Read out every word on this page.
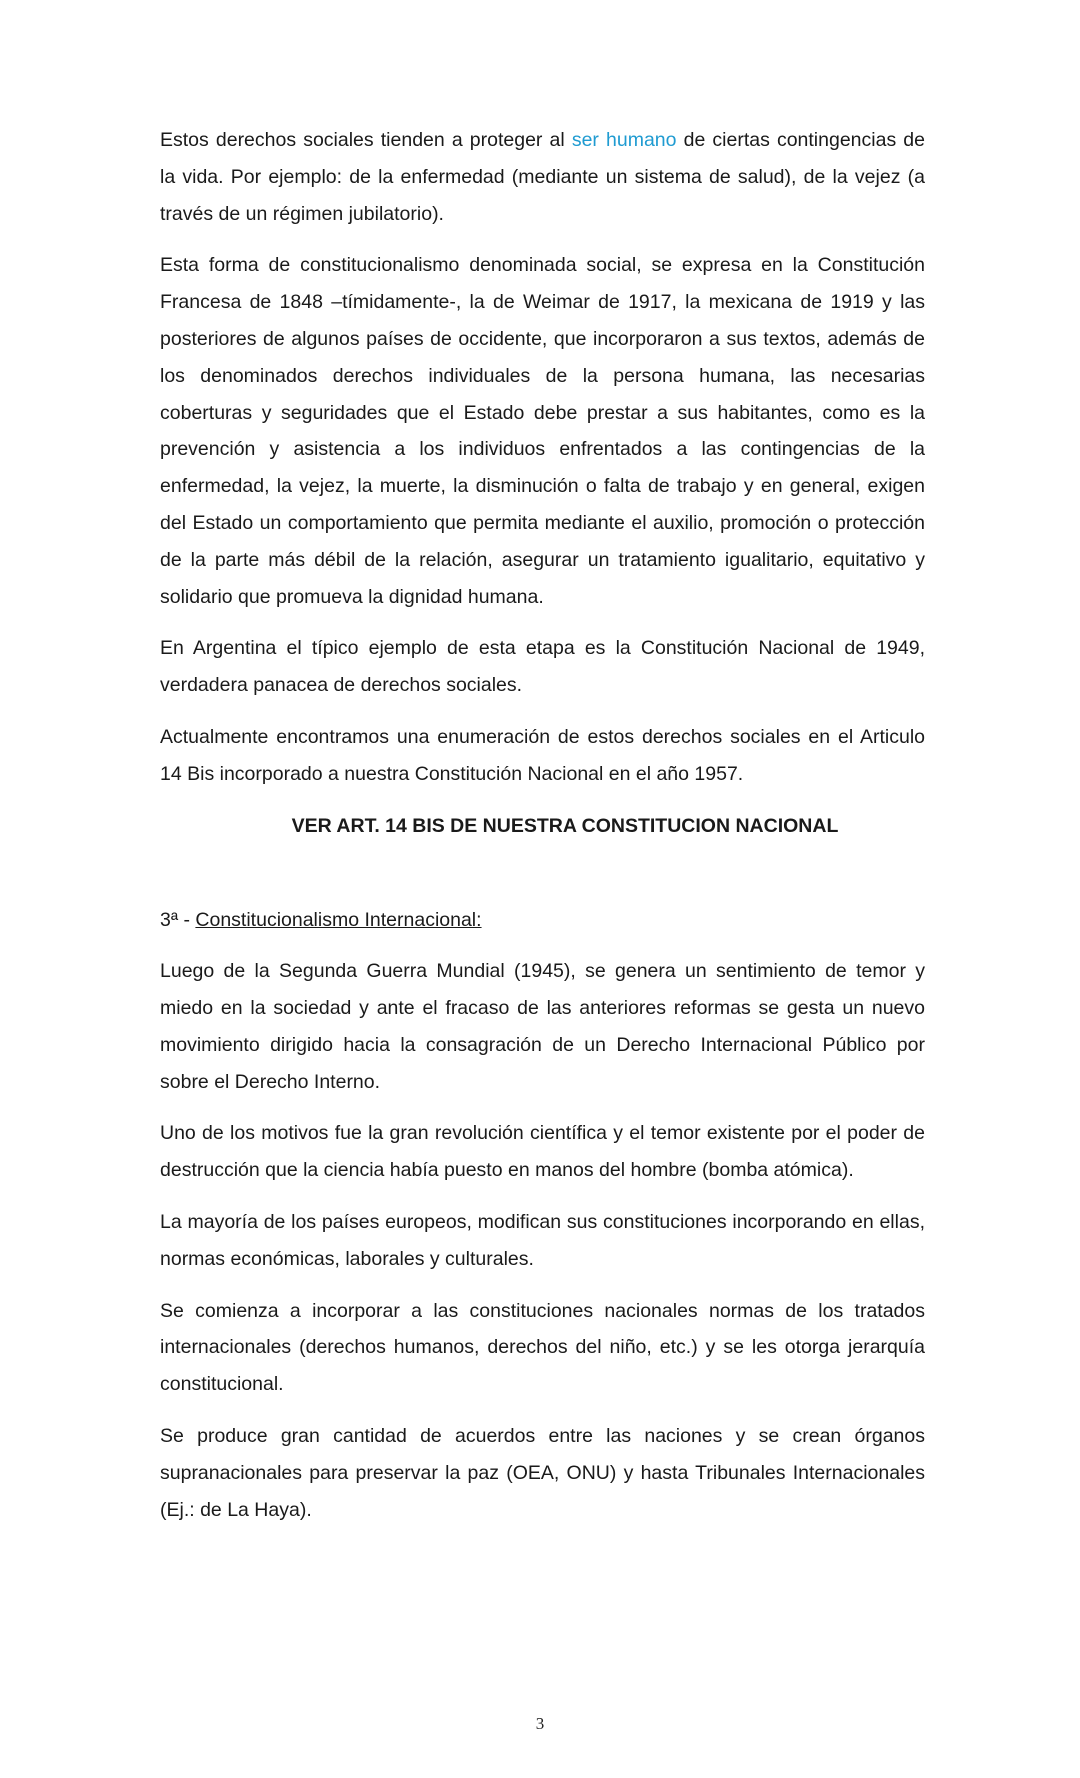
Estos derechos sociales tienden a proteger al ser humano de ciertas contingencias de la vida. Por ejemplo: de la enfermedad (mediante un sistema de salud), de la vejez (a través de un régimen jubilatorio).

Esta forma de constitucionalismo denominada social, se expresa en la Constitución Francesa de 1848 –tímidamente-, la de Weimar de 1917, la mexicana de 1919 y las posteriores de algunos países de occidente, que incorporaron a sus textos, además de los denominados derechos individuales de la persona humana, las necesarias coberturas y seguridades que el Estado debe prestar a sus habitantes, como es la prevención y asistencia a los individuos enfrentados a las contingencias de la enfermedad, la vejez, la muerte, la disminución o falta de trabajo y en general, exigen del Estado un comportamiento que permita mediante el auxilio, promoción o protección de la parte más débil de la relación, asegurar un tratamiento igualitario, equitativo y solidario que promueva la dignidad humana.

En Argentina el típico ejemplo de esta etapa es la Constitución Nacional de 1949, verdadera panacea de derechos sociales.

Actualmente encontramos una enumeración de estos derechos sociales en el Articulo 14 Bis incorporado a nuestra Constitución Nacional en el año 1957.

VER ART. 14 BIS DE NUESTRA CONSTITUCION NACIONAL

3ª - Constitucionalismo Internacional:

Luego de la Segunda Guerra Mundial (1945), se genera un sentimiento de temor y miedo en la sociedad y ante el fracaso de las anteriores reformas se gesta un nuevo movimiento dirigido hacia la consagración de un Derecho Internacional Público por sobre el Derecho Interno.

Uno de los motivos fue la gran revolución científica y el temor existente por el poder de destrucción que la ciencia había puesto en manos del hombre (bomba atómica).

La mayoría de los países europeos, modifican sus constituciones incorporando en ellas, normas económicas, laborales y culturales.

Se comienza a incorporar a las constituciones nacionales normas de los tratados internacionales (derechos humanos, derechos del niño, etc.) y se les otorga jerarquía constitucional.

Se produce gran cantidad de acuerdos entre las naciones y se crean órganos supranacionales para preservar la paz (OEA, ONU) y hasta Tribunales Internacionales (Ej.: de La Haya).

3
